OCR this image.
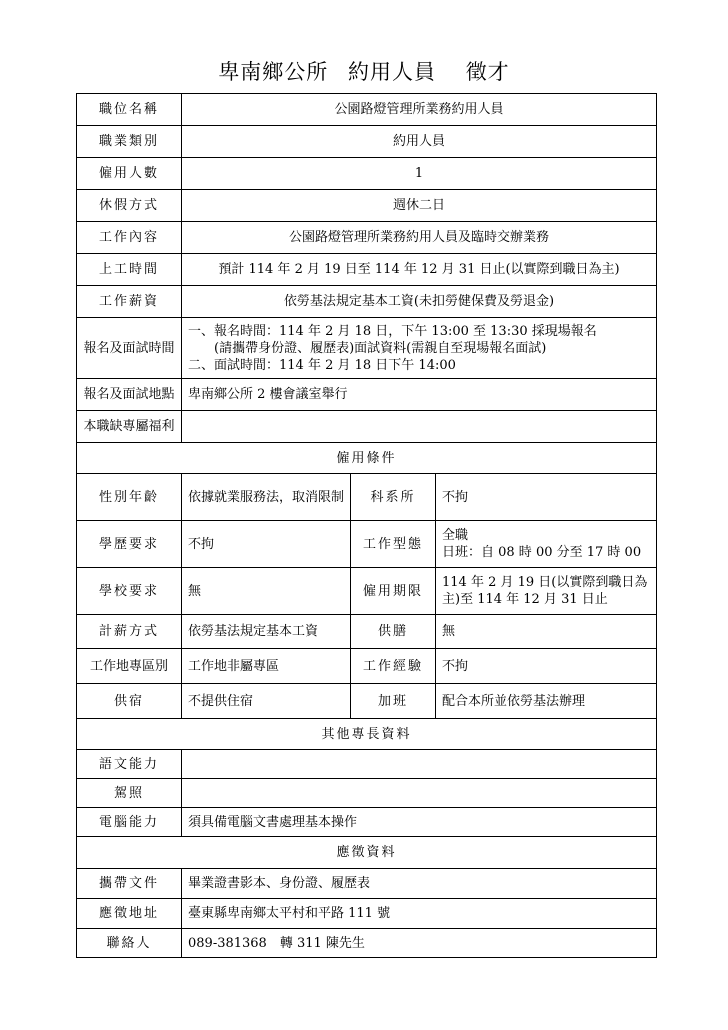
卑南鄉公所 約用人員 徵才
職位名稱	公園路燈管理所業務約用人員		
職業類別	約用人員		
僱用人數	1		
休假方式	週休二日		
工作內容	公園路燈管理所業務約用人員及臨時交辦業務		
上工時間	預計 114 年 2 月 19 日至 114 年 12 月 31 日止(以實際到職日為主)		
工作薪資	依勞基法規定基本工資(未扣勞健保費及勞退金)		
報名及面試時間	一、報名時間：114 年 2 月 18 日，下午 13:00 至 13:30 採現場報名
(請攜帶身份證、履歷表)面試資料(需親自至現場報名面試)
二、面試時間：114 年 2 月 18 日下午 14:00		

報名及面試地點	卑南鄉公所 2 樓會議室舉行		
本職缺專屬福利			
僱用條件			
性別年齡	依據就業服務法，取消限制	科系所	不拘
學歷要求	不拘	工作型態	全職
日班：自 08 時 00 分至 17 時 00

學校要求	無	僱用期限	114 年 2 月 19 日(以實際到職日為主)至 114 年 12 月 31 日止
計薪方式	依勞基法規定基本工資	供膳	無
工作地專區別	工作地非屬專區	工作經驗	不拘
供宿	不提供住宿	加班	配合本所並依勞基法辦理
其他專長資料			
語文能力			
駕照			
電腦能力	須具備電腦文書處理基本操作		
應徵資料			
攜帶文件	畢業證書影本、身份證、履歷表		
應徵地址	臺東縣卑南鄉太平村和平路 111 號		
聯絡人	089-381368　轉 311 陳先生		
